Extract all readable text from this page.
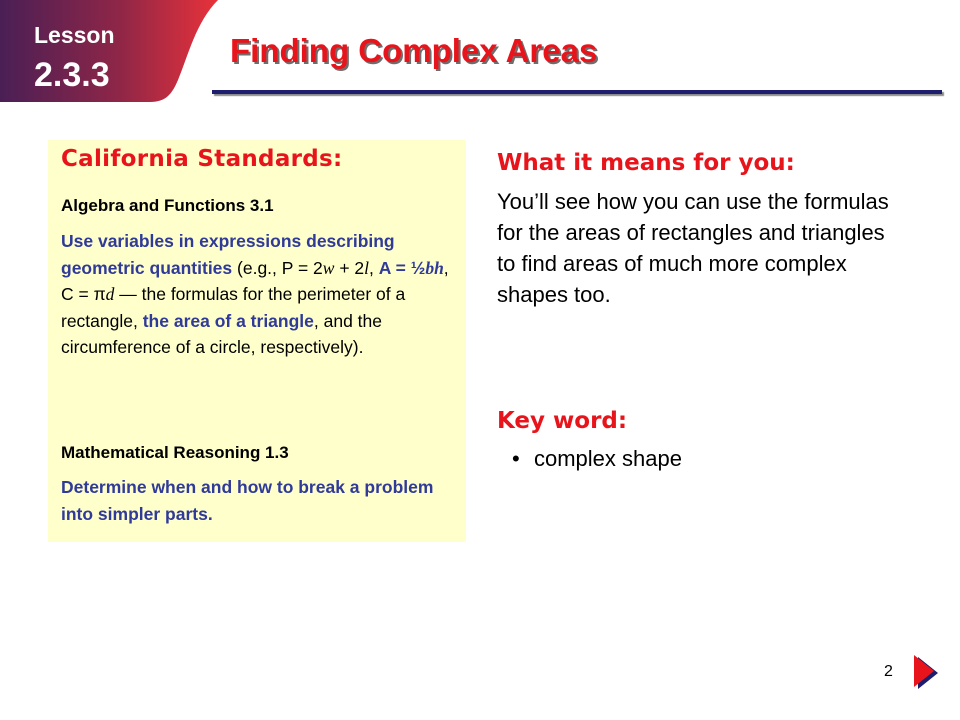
Lesson
2.3.3
Finding Complex Areas
California Standards:
Algebra and Functions 3.1
Use variables in expressions describing geometric quantities (e.g., P = 2w + 2l, A = ½bh, C = πd — the formulas for the perimeter of a rectangle, the area of a triangle, and the circumference of a circle, respectively).
Mathematical Reasoning 1.3
Determine when and how to break a problem into simpler parts.
What it means for you:
You’ll see how you can use the formulas for the areas of rectangles and triangles to find areas of much more complex shapes too.
Key word:
• complex shape
2
